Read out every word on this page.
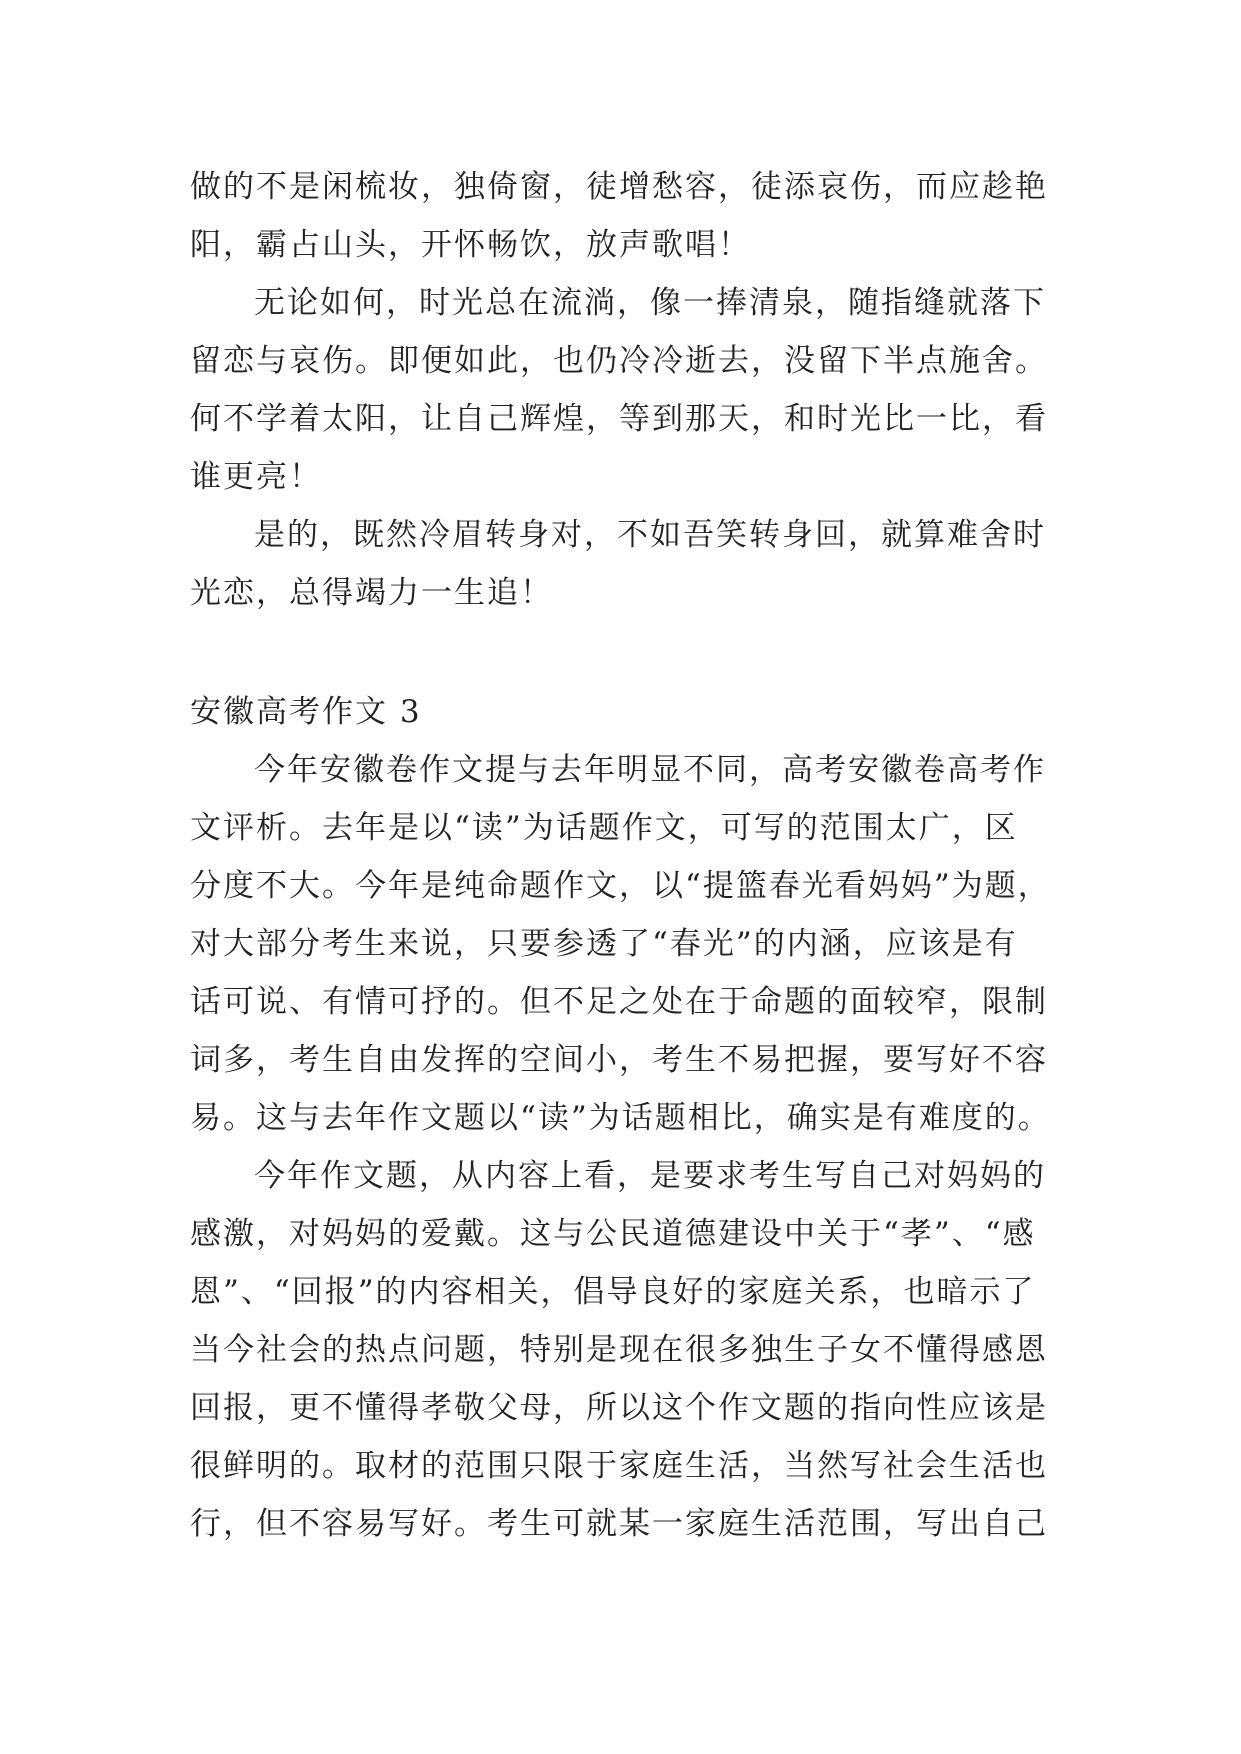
做的不是闲梳妆，独倚窗，徒增愁容，徒添哀伤，而应趁艳
阳，霸占山头，开怀畅饮，放声歌唱！
无论如何，时光总在流淌，像一捧清泉，随指缝就落下
留恋与哀伤。即便如此，也仍冷冷逝去，没留下半点施舍。
何不学着太阳，让自己辉煌，等到那天，和时光比一比，看
谁更亮！
是的，既然冷眉转身对，不如吾笑转身回，就算难舍时
光恋，总得竭力一生追！
安徽高考作文 3
今年安徽卷作文提与去年明显不同，高考安徽卷高考作
文评析。去年是以“读”为话题作文，可写的范围太广，区
分度不大。今年是纯命题作文，以“提篮春光看妈妈”为题，
对大部分考生来说，只要参透了“春光”的内涵，应该是有
话可说、有情可抒的。但不足之处在于命题的面较窄，限制
词多，考生自由发挥的空间小，考生不易把握，要写好不容
易。这与去年作文题以“读”为话题相比，确实是有难度的。
今年作文题，从内容上看，是要求考生写自己对妈妈的
感激，对妈妈的爱戴。这与公民道德建设中关于“孝”、“感
恩”、“回报”的内容相关，倡导良好的家庭关系，也暗示了
当今社会的热点问题，特别是现在很多独生子女不懂得感恩
回报，更不懂得孝敬父母，所以这个作文题的指向性应该是
很鲜明的。取材的范围只限于家庭生活，当然写社会生活也
行，但不容易写好。考生可就某一家庭生活范围，写出自己
